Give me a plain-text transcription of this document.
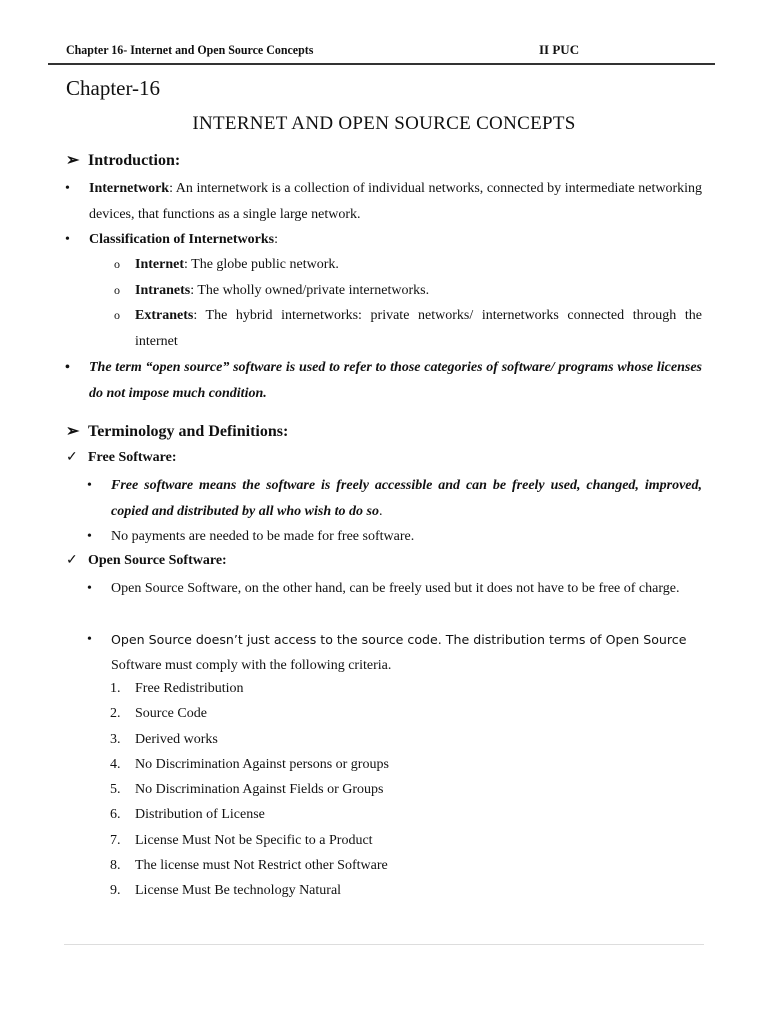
Chapter 16- Internet and Open Source Concepts	II PUC
Chapter-16
INTERNET AND OPEN SOURCE CONCEPTS
➢ Introduction:
• Internetwork: An internetwork is a collection of individual networks, connected by intermediate networking devices, that functions as a single large network.
• Classification of Internetworks:
o Internet: The globe public network.
o Intranets: The wholly owned/private internetworks.
o Extranets: The hybrid internetworks: private networks/ internetworks connected through the internet
• The term “open source” software is used to refer to those categories of software/ programs whose licenses do not impose much condition.
➢ Terminology and Definitions:
✓ Free Software:
• Free software means the software is freely accessible and can be freely used, changed, improved, copied and distributed by all who wish to do so.
• No payments are needed to be made for free software.
✓ Open Source Software:
• Open Source Software, on the other hand, can be freely used but it does not have to be free of charge.
• Open Source doesn’t just access to the source code. The distribution terms of Open Source
Software must comply with the following criteria.
1. Free Redistribution
2. Source Code
3. Derived works
4. No Discrimination Against persons or groups
5. No Discrimination Against Fields or Groups
6. Distribution of License
7. License Must Not be Specific to a Product
8. The license must Not Restrict other Software
9. License Must Be technology Natural
